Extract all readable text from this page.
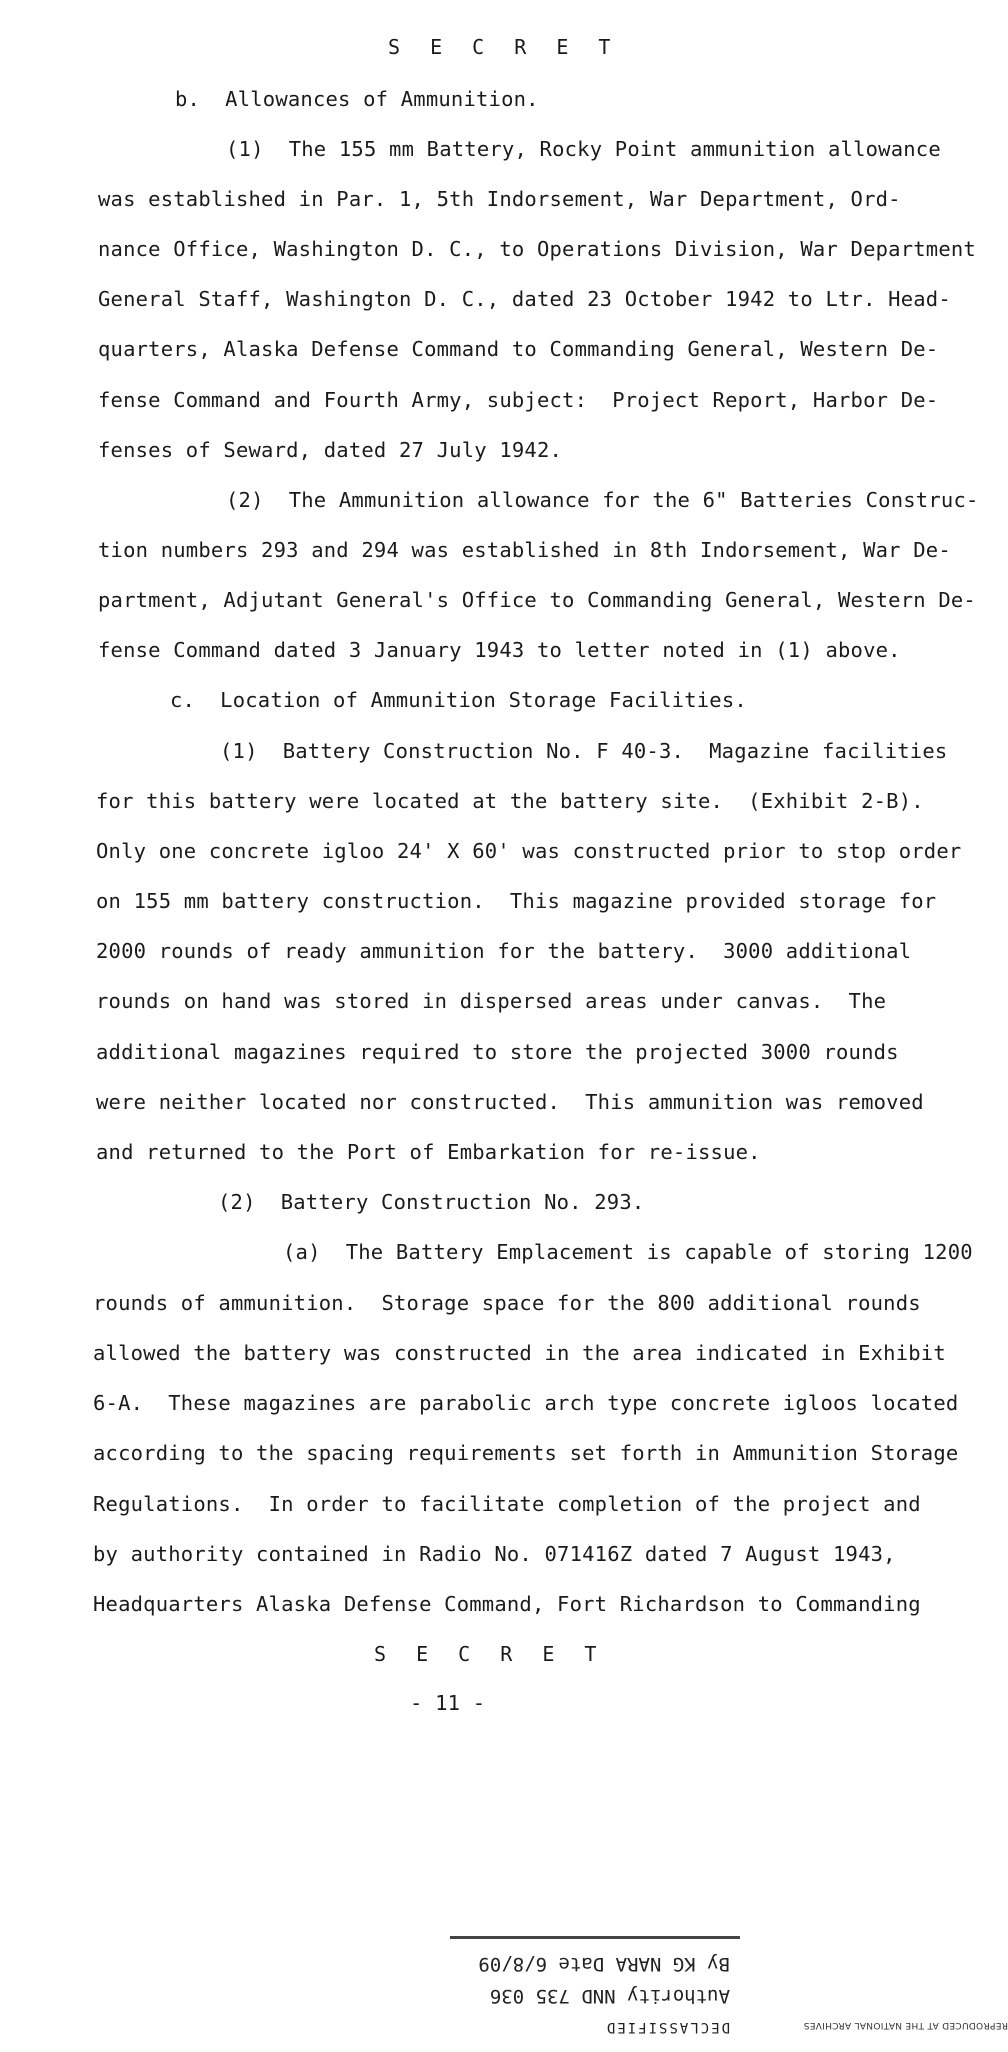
S E C R E T
b.  Allowances of Ammunition.
(1)  The 155 mm Battery, Rocky Point ammunition allowance
was established in Par. 1, 5th Indorsement, War Department, Ord-
nance Office, Washington D. C., to Operations Division, War Department
General Staff, Washington D. C., dated 23 October 1942 to Ltr. Head-
quarters, Alaska Defense Command to Commanding General, Western De-
fense Command and Fourth Army, subject:  Project Report, Harbor De-
fenses of Seward, dated 27 July 1942.
(2)  The Ammunition allowance for the 6" Batteries Construc-
tion numbers 293 and 294 was established in 8th Indorsement, War De-
partment, Adjutant General's Office to Commanding General, Western De-
fense Command dated 3 January 1943 to letter noted in (1) above.
c.  Location of Ammunition Storage Facilities.
(1)  Battery Construction No. F 40-3.  Magazine facilities
for this battery were located at the battery site.  (Exhibit 2-B).
Only one concrete igloo 24' X 60' was constructed prior to stop order
on 155 mm battery construction.  This magazine provided storage for
2000 rounds of ready ammunition for the battery.  3000 additional
rounds on hand was stored in dispersed areas under canvas.  The
additional magazines required to store the projected 3000 rounds
were neither located nor constructed.  This ammunition was removed
and returned to the Port of Embarkation for re-issue.
(2)  Battery Construction No. 293.
(a)  The Battery Emplacement is capable of storing 1200
rounds of ammunition.  Storage space for the 800 additional rounds
allowed the battery was constructed in the area indicated in Exhibit
6-A.  These magazines are parabolic arch type concrete igloos located
according to the spacing requirements set forth in Ammunition Storage
Regulations.  In order to facilitate completion of the project and
by authority contained in Radio No. 071416Z dated 7 August 1943,
Headquarters Alaska Defense Command, Fort Richardson to Commanding
S E C R E T
- 11 -
DECLASSIFIED
Authority NND 735 036
By KG NARA Date 6/8/09
REPRODUCED AT THE NATIONAL ARCHIVES
